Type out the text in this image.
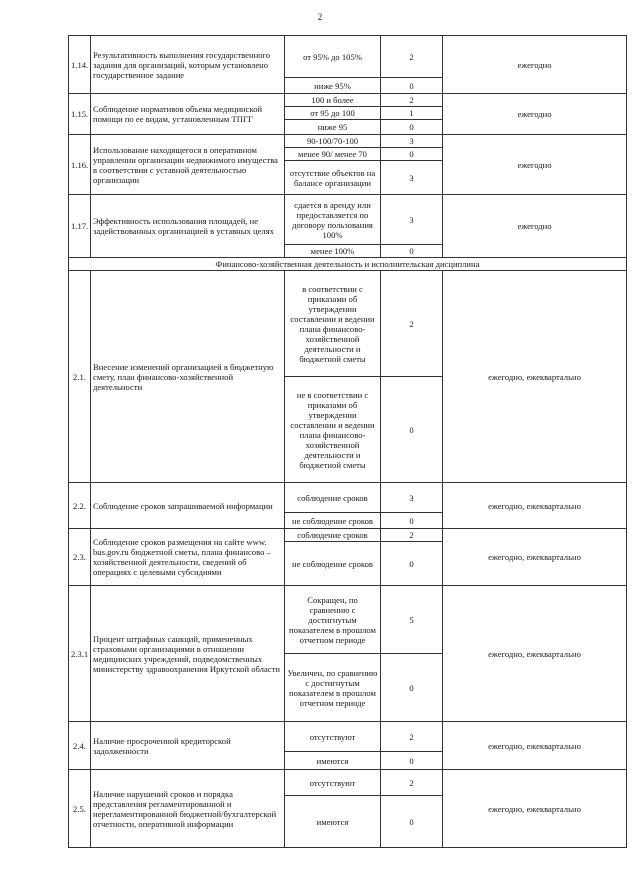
2
1.14.	Результативность выполнения государственного задания для организаций, которым установлено государственное задание	от 95% до 105%	2	ежегодно
		ниже 95%	0	
1.15.	Соблюдение нормативов объема медицинской помощи по ее видам, установленным ТПГГ	100 и более	2	ежегодно
		от 95 до 100	1	
		ниже 95	0	
1.16.	Использование находящегося в оперативном управлении организации недвижимого имущества в соответствии с уставной деятельностью организации	90-100/70-100	3	ежегодно
		менее 90/ менее 70	0	
		отсутствие объектов на балансе организации	3	
1.17.	Эффективность использования площадей, не задействованных организацией в уставных целях	сдается в аренду или предоставляется по договору пользования 100%	3	ежегодно
		менее 100%	0	
Финансово-хозяйственная деятельность и исполнительская дисциплина				
2.1.	Внесение изменений организацией в бюджетную смету, план финансово-хозяйственной деятельности	в соответствии с приказами об утверждении составлении и ведении плана финансово-хозяйственной деятельности и бюджетной сметы	2	ежегодно, ежеквартально
		не в соответствии с приказами об утверждении составлении и ведении плана финансово-хозяйственной деятельности и бюджетной сметы	0	
2.2.	Соблюдение сроков запрашиваемой информации	соблюдение сроков	3	ежегодно, ежеквартально
		не соблюдение сроков	0	
2.3.	Соблюдение сроков размещения на сайте www. bus.gov.ru бюджетной сметы, плана финансово – хозяйственной деятельности, сведений об операциях с целевыми субсидиями	соблюдение сроков	2	ежегодно, ежеквартально
		не соблюдение сроков	0	
2.3.1	Процент штрафных санкций, примененных страховыми организациями в отношении медицинских учреждений, подведомственных министерству здравоохранения Иркутской области	Сокращен, по сравнению с достигнутым показателем в прошлом отчетном периоде	5	ежегодно, ежеквартально
		Увеличен, по сравнению с достигнутым показателем в прошлом отчетном периоде	0	
2.4.	Наличие просроченной кредиторской задолженности	отсутствуют	2	ежегодно, ежеквартально
		имеются	0	
2.5.	Наличие нарушений сроков и порядка представления регламентированной и нерегламентированной бюджетной/бухгалтерской отчетности, оперативной информации	отсутствуют	2	ежегодно, ежеквартально
		имеются	0	
